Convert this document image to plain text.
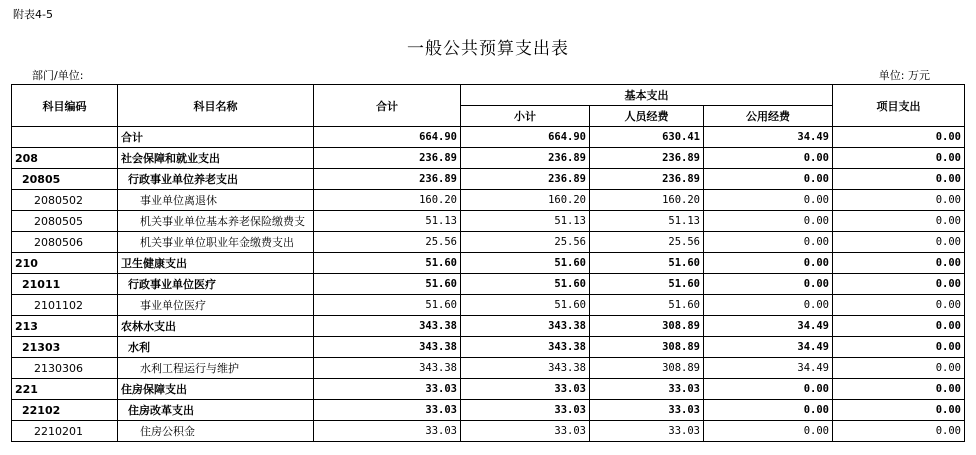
附表4-5
一般公共预算支出表
部门/单位:	单位: 万元
科目编码	科目名称	合计	基本支出			项目支出
			小计	人员经费	公用经费	
	合计	664.90	664.90	630.41	34.49	0.00
208	社会保障和就业支出	236.89	236.89	236.89	0.00	0.00
20805	行政事业单位养老支出	236.89	236.89	236.89	0.00	0.00
2080502	事业单位离退休	160.20	160.20	160.20	0.00	0.00
2080505	机关事业单位基本养老保险缴费支	51.13	51.13	51.13	0.00	0.00
2080506	机关事业单位职业年金缴费支出	25.56	25.56	25.56	0.00	0.00
210	卫生健康支出	51.60	51.60	51.60	0.00	0.00
21011	行政事业单位医疗	51.60	51.60	51.60	0.00	0.00
2101102	事业单位医疗	51.60	51.60	51.60	0.00	0.00
213	农林水支出	343.38	343.38	308.89	34.49	0.00
21303	水利	343.38	343.38	308.89	34.49	0.00
2130306	水利工程运行与维护	343.38	343.38	308.89	34.49	0.00
221	住房保障支出	33.03	33.03	33.03	0.00	0.00
22102	住房改革支出	33.03	33.03	33.03	0.00	0.00
2210201	住房公积金	33.03	33.03	33.03	0.00	0.00
